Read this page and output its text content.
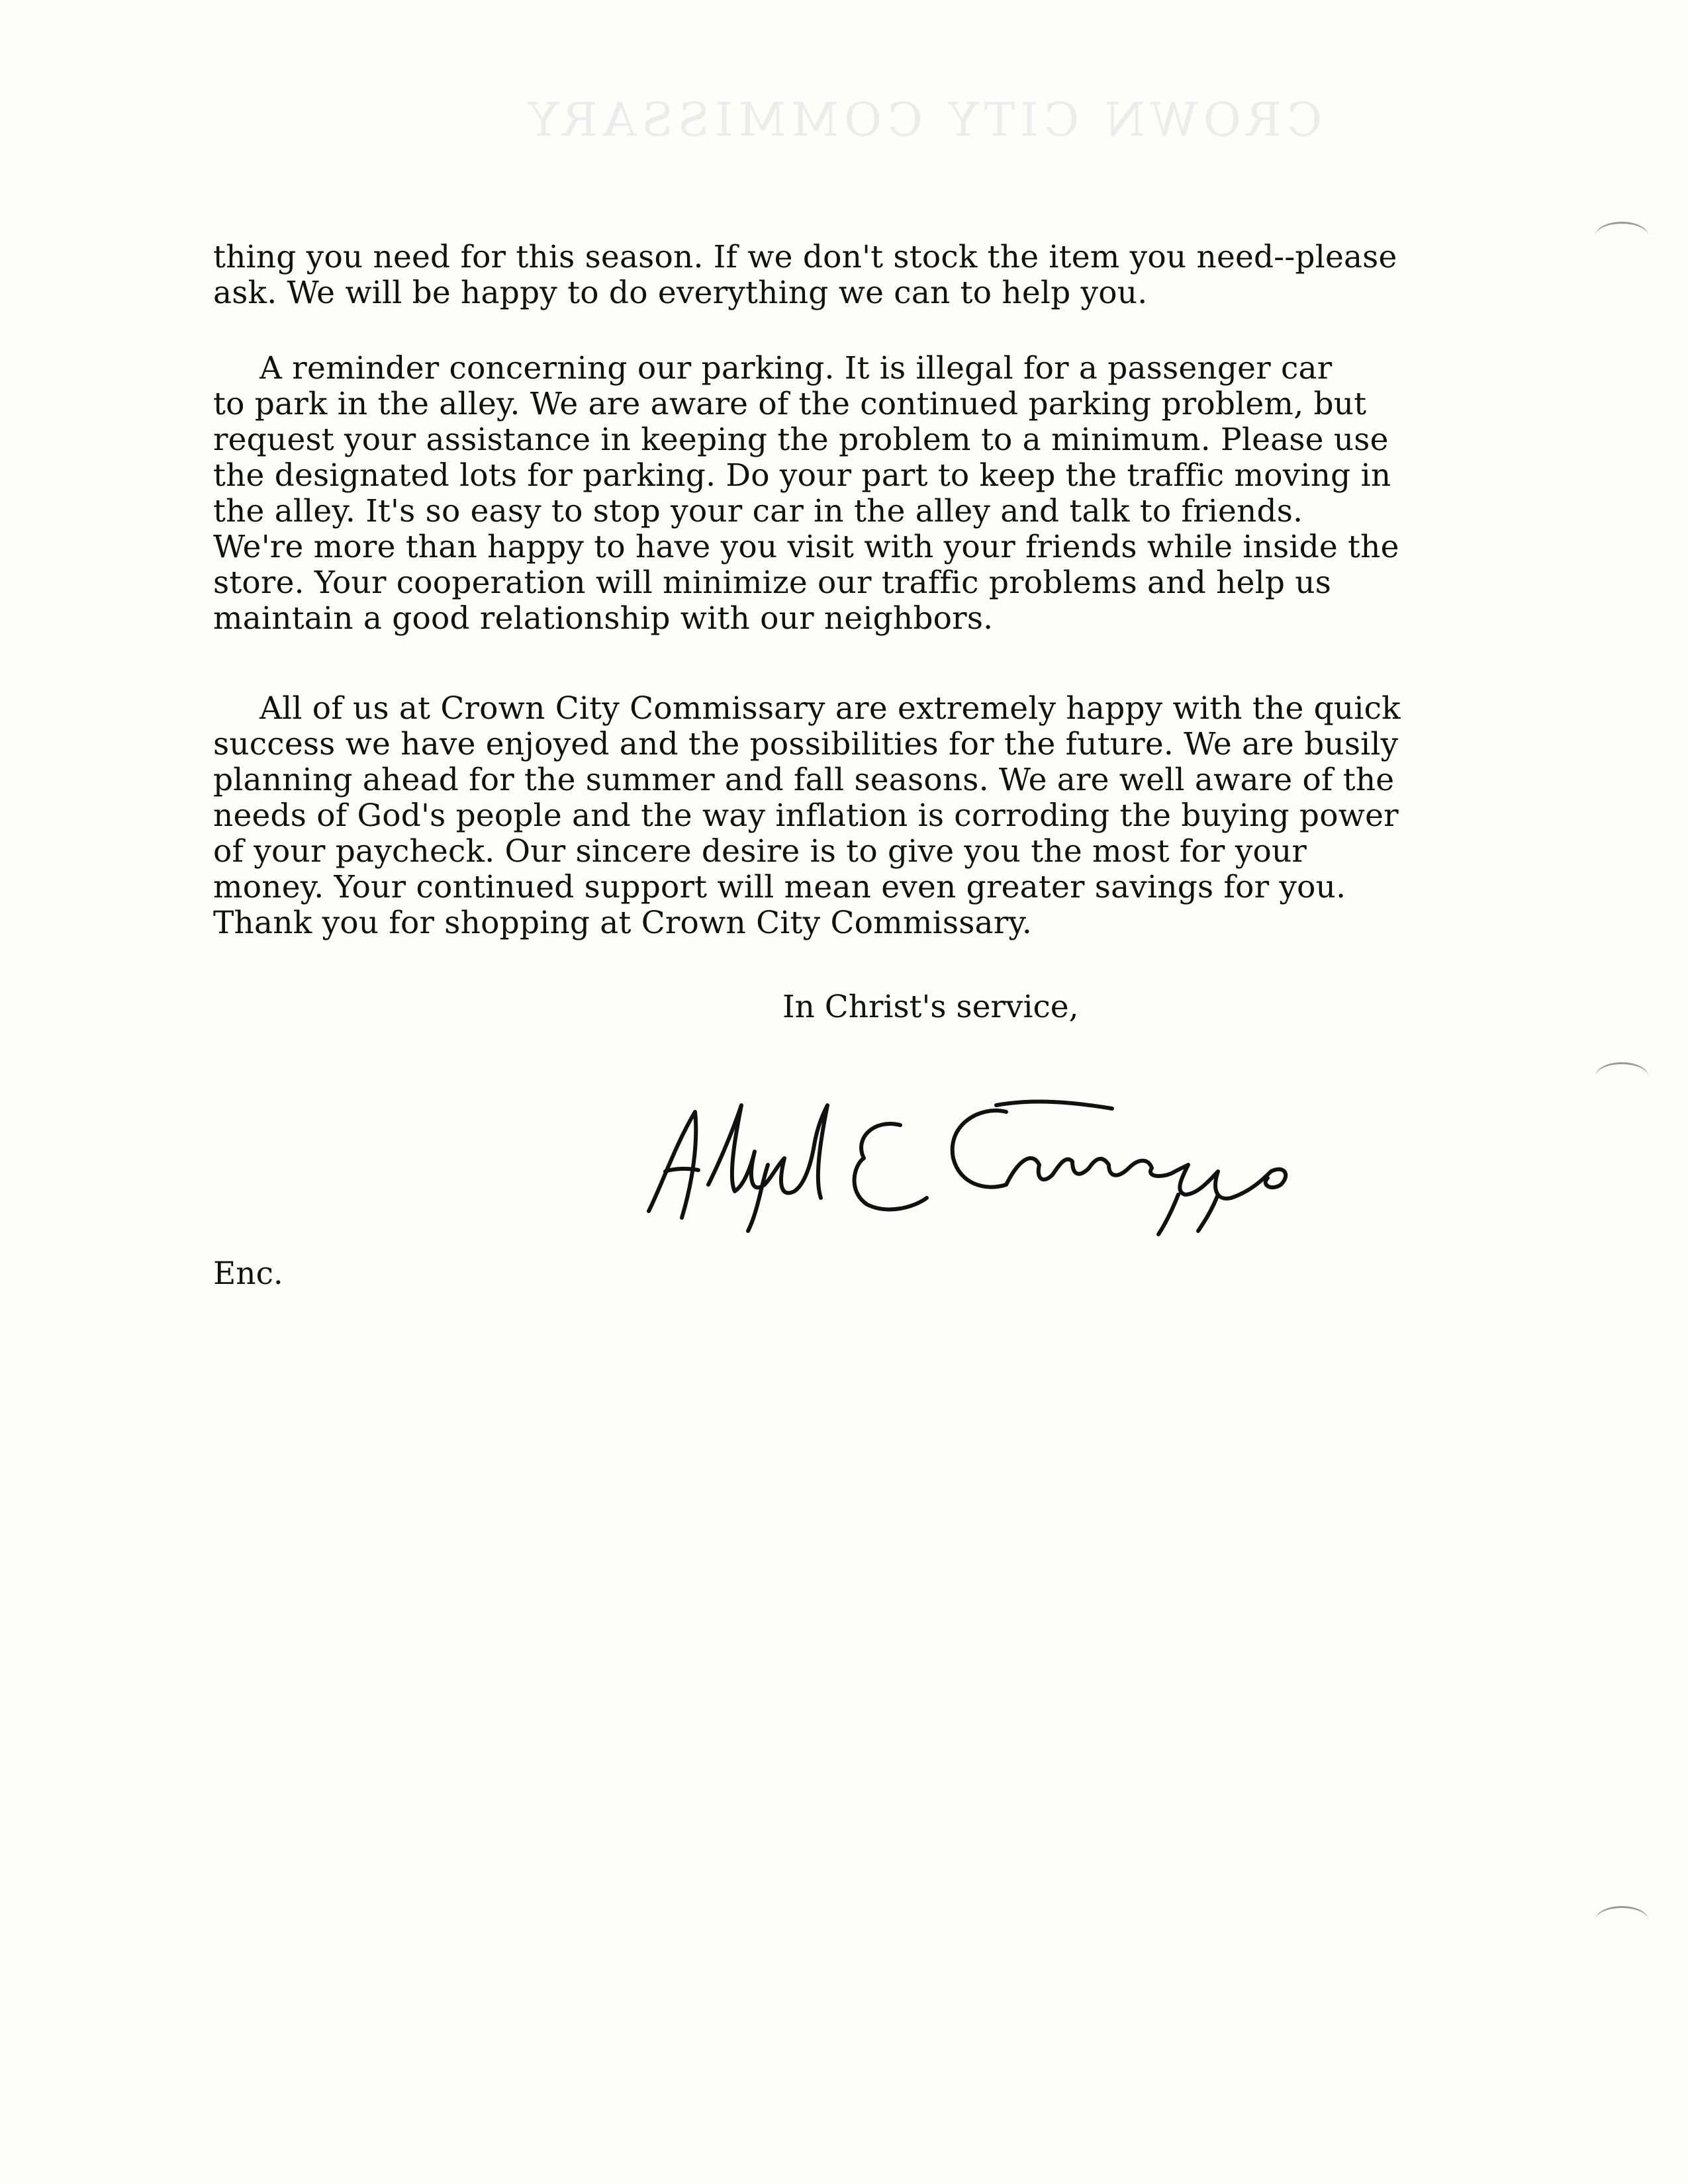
CROWN CITY COMMISSARY

thing you need for this season. If we don't stock the item you need--please
ask. We will be happy to do everything we can to help you.

A reminder concerning our parking. It is illegal for a passenger car
to park in the alley. We are aware of the continued parking problem, but
request your assistance in keeping the problem to a minimum. Please use
the designated lots for parking. Do your part to keep the traffic moving in
the alley. It's so easy to stop your car in the alley and talk to friends.
We're more than happy to have you visit with your friends while inside the
store. Your cooperation will minimize our traffic problems and help us
maintain a good relationship with our neighbors.

All of us at Crown City Commissary are extremely happy with the quick
success we have enjoyed and the possibilities for the future. We are busily
planning ahead for the summer and fall seasons. We are well aware of the
needs of God's people and the way inflation is corroding the buying power
of your paycheck. Our sincere desire is to give you the most for your
money. Your continued support will mean even greater savings for you.
Thank you for shopping at Crown City Commissary.

In Christ's service,
Enc.
